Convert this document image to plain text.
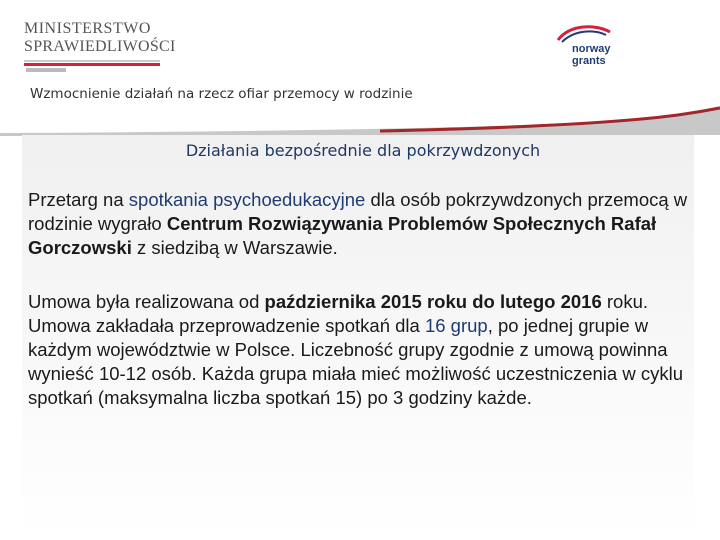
MINISTERSTWO
SPRAWIEDLIWOŚCI	norway
grants
Wzmocnienie działań na rzecz ofiar przemocy w rodzinie
Działania bezpośrednie dla pokrzywdzonych
Przetarg na spotkania psychoedukacyjne dla osób pokrzywdzonych przemocą w rodzinie wygrało Centrum Rozwiązywania Problemów Społecznych Rafał Gorczowski z siedzibą w Warszawie.
Umowa była realizowana od października 2015 roku do lutego 2016 roku.
Umowa zakładała przeprowadzenie spotkań dla 16 grup, po jednej grupie w każdym województwie w Polsce. Liczebność grupy zgodnie z umową powinna wynieść 10-12 osób. Każda grupa miała mieć możliwość uczestniczenia w cyklu spotkań (maksymalna liczba spotkań 15) po 3 godziny każde.
